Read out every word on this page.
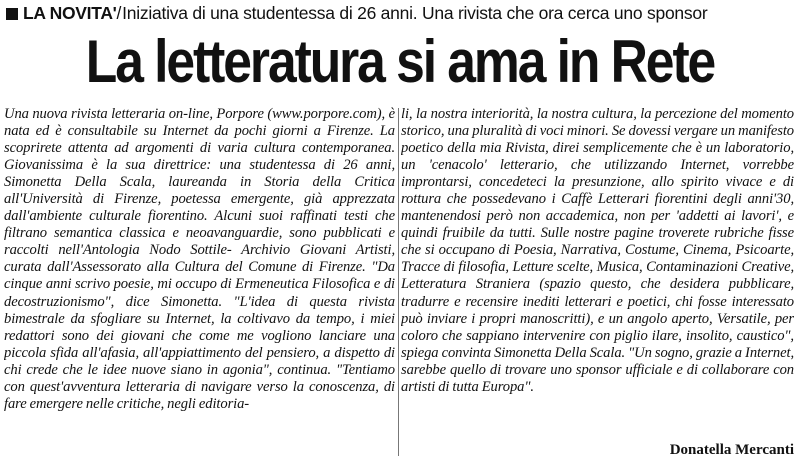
LA NOVITA'/Iniziativa di una studentessa di 26 anni. Una rivista che ora cerca uno sponsor
La letteratura si ama in Rete

Una nuova rivista letteraria on-line, Porpore (www.porpore.com), è nata ed è consultabile su Internet da pochi giorni a Firenze. La scoprirete attenta ad argomenti di varia cultura contemporanea. Giovanissima è la sua direttrice: una studentessa di 26 anni, Simonetta Della Scala, laureanda in Storia della Critica all'Università di Firenze, poetessa emergente, già apprezzata dall'ambiente culturale fiorentino. Alcuni suoi raffinati testi che filtrano semantica classica e neoavanguardie, sono pubblicati e raccolti nell'Antologia Nodo Sottile- Archivio Giovani Artisti, curata dall'Assessorato alla Cultura del Comune di Firenze. "Da cinque anni scrivo poesie, mi occupo di Ermeneutica Filosofica e di decostruzionismo", dice Simonetta. "L'idea di questa rivista bimestrale da sfogliare su Internet, la coltivavo da tempo, i miei redattori sono dei giovani che come me vogliono lanciare una piccola sfida all'afasia, all'appiattimento del pensiero, a dispetto di chi crede che le idee nuove siano in agonia", continua. "Tentiamo con quest'avventura letteraria di navigare verso la conoscenza, di fare emergere nelle critiche, negli editoria-

li, la nostra interiorità, la nostra cultura, la percezione del momento storico, una pluralità di voci minori. Se dovessi vergare un manifesto poetico della mia Rivista, direi semplicemente che è un laboratorio, un 'cenacolo' letterario, che utilizzando Internet, vorrebbe improntarsi, concedeteci la presunzione, allo spirito vivace e di rottura che possedevano i Caffè Letterari fiorentini degli anni'30, mantenendosi però non accademica, non per 'addetti ai lavori', e quindi fruibile da tutti. Sulle nostre pagine troverete rubriche fisse che si occupano di Poesia, Narrativa, Costume, Cinema, Psicoarte, Tracce di filosofia, Letture scelte, Musica, Contaminazioni Creative, Letteratura Straniera (spazio questo, che desidera pubblicare, tradurre e recensire inediti letterari e poetici, chi fosse interessato può inviare i propri manoscritti), e un angolo aperto, Versatile, per coloro che sappiano intervenire con piglio ilare, insolito, caustico", spiega convinta Simonetta Della Scala. "Un sogno, grazie a Internet, sarebbe quello di trovare uno sponsor ufficiale e di collaborare con artisti di tutta Europa".

Donatella Mercanti
